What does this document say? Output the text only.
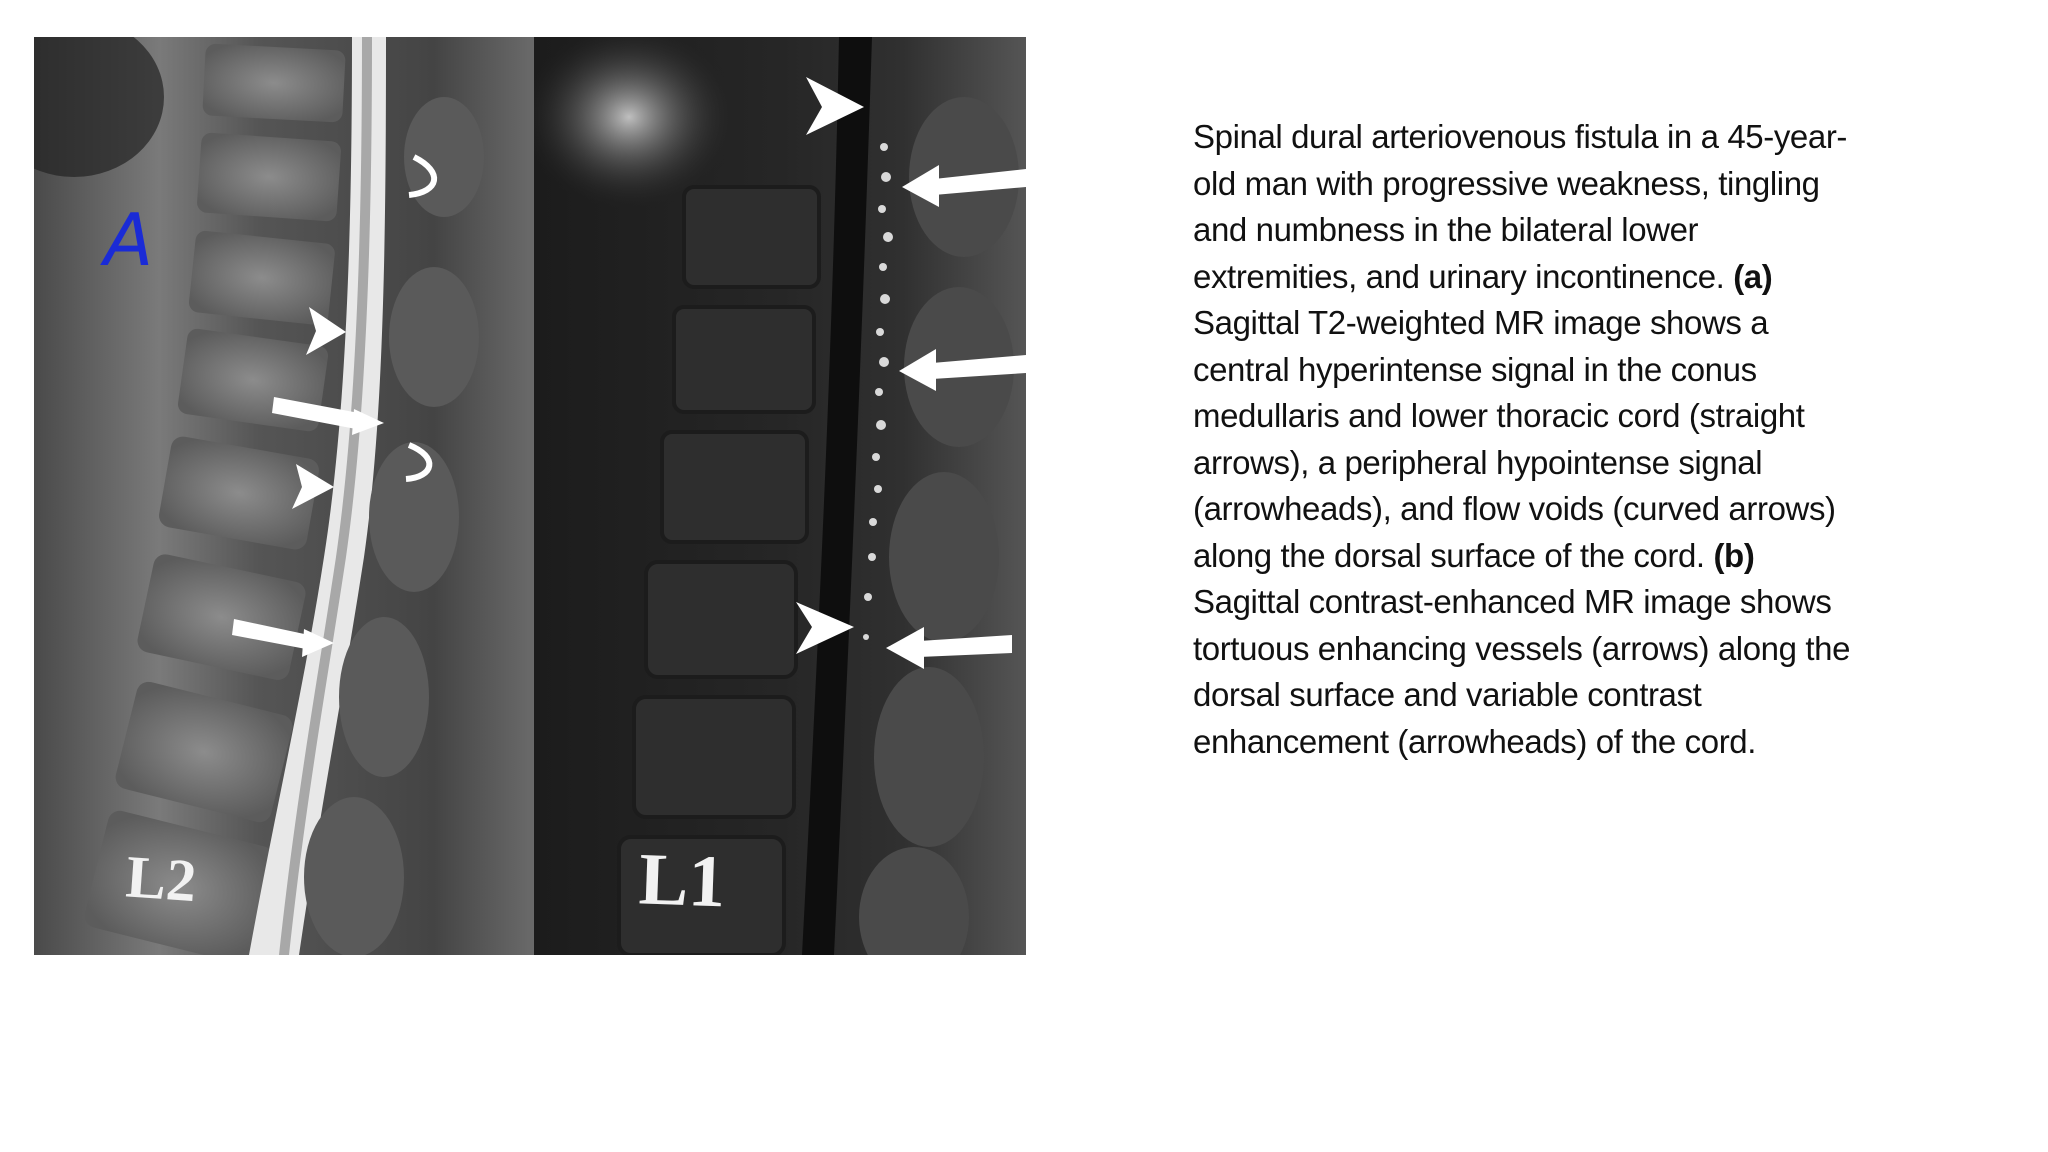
A
L2	L1
Spinal dural arteriovenous fistula in a 45-year-old man with progressive weakness, tingling and numbness in the bilateral lower extremities, and urinary incontinence. (a) Sagittal T2-weighted MR image shows a central hyperintense signal in the conus medullaris and lower thoracic cord (straight arrows), a peripheral hypointense signal (arrowheads), and flow voids (curved arrows) along the dorsal surface of the cord. (b) Sagittal contrast-enhanced MR image shows tortuous enhancing vessels (arrows) along the dorsal surface and variable contrast enhancement (arrowheads) of the cord.
